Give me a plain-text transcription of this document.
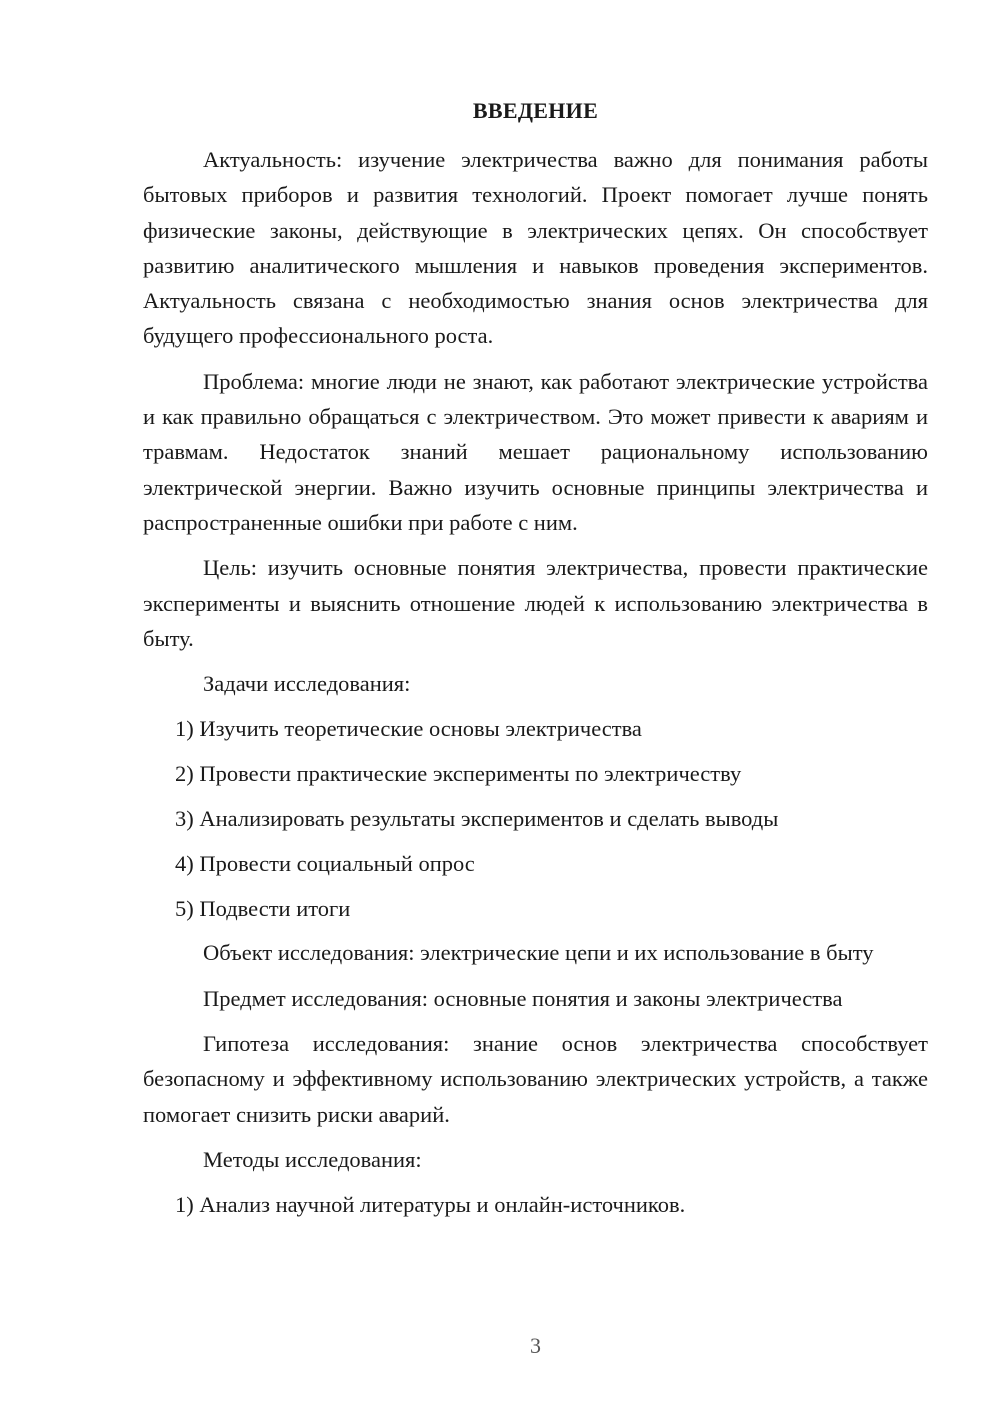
ВВЕДЕНИЕ

Актуальность: изучение электричества важно для понимания работы бытовых приборов и развития технологий. Проект помогает лучше понять физические законы, действующие в электрических цепях. Он способствует развитию аналитического мышления и навыков проведения экспериментов. Актуальность связана с необходимостью знания основ электричества для будущего профессионального роста.

Проблема: многие люди не знают, как работают электрические устройства и как правильно обращаться с электричеством. Это может привести к авариям и травмам. Недостаток знаний мешает рациональному использованию электрической энергии. Важно изучить основные принципы электричества и распространенные ошибки при работе с ним.

Цель: изучить основные понятия электричества, провести практические эксперименты и выяснить отношение людей к использованию электричества в быту.

Задачи исследования:

1) Изучить теоретические основы электричества
2) Провести практические эксперименты по электричеству
3) Анализировать результаты экспериментов и сделать выводы
4) Провести социальный опрос
5) Подвести итоги

Объект исследования: электрические цепи и их использование в быту

Предмет исследования: основные понятия и законы электричества

Гипотеза исследования: знание основ электричества способствует безопасному и эффективному использованию электрических устройств, а также помогает снизить риски аварий.

Методы исследования:

1) Анализ научной литературы и онлайн-источников.
3
